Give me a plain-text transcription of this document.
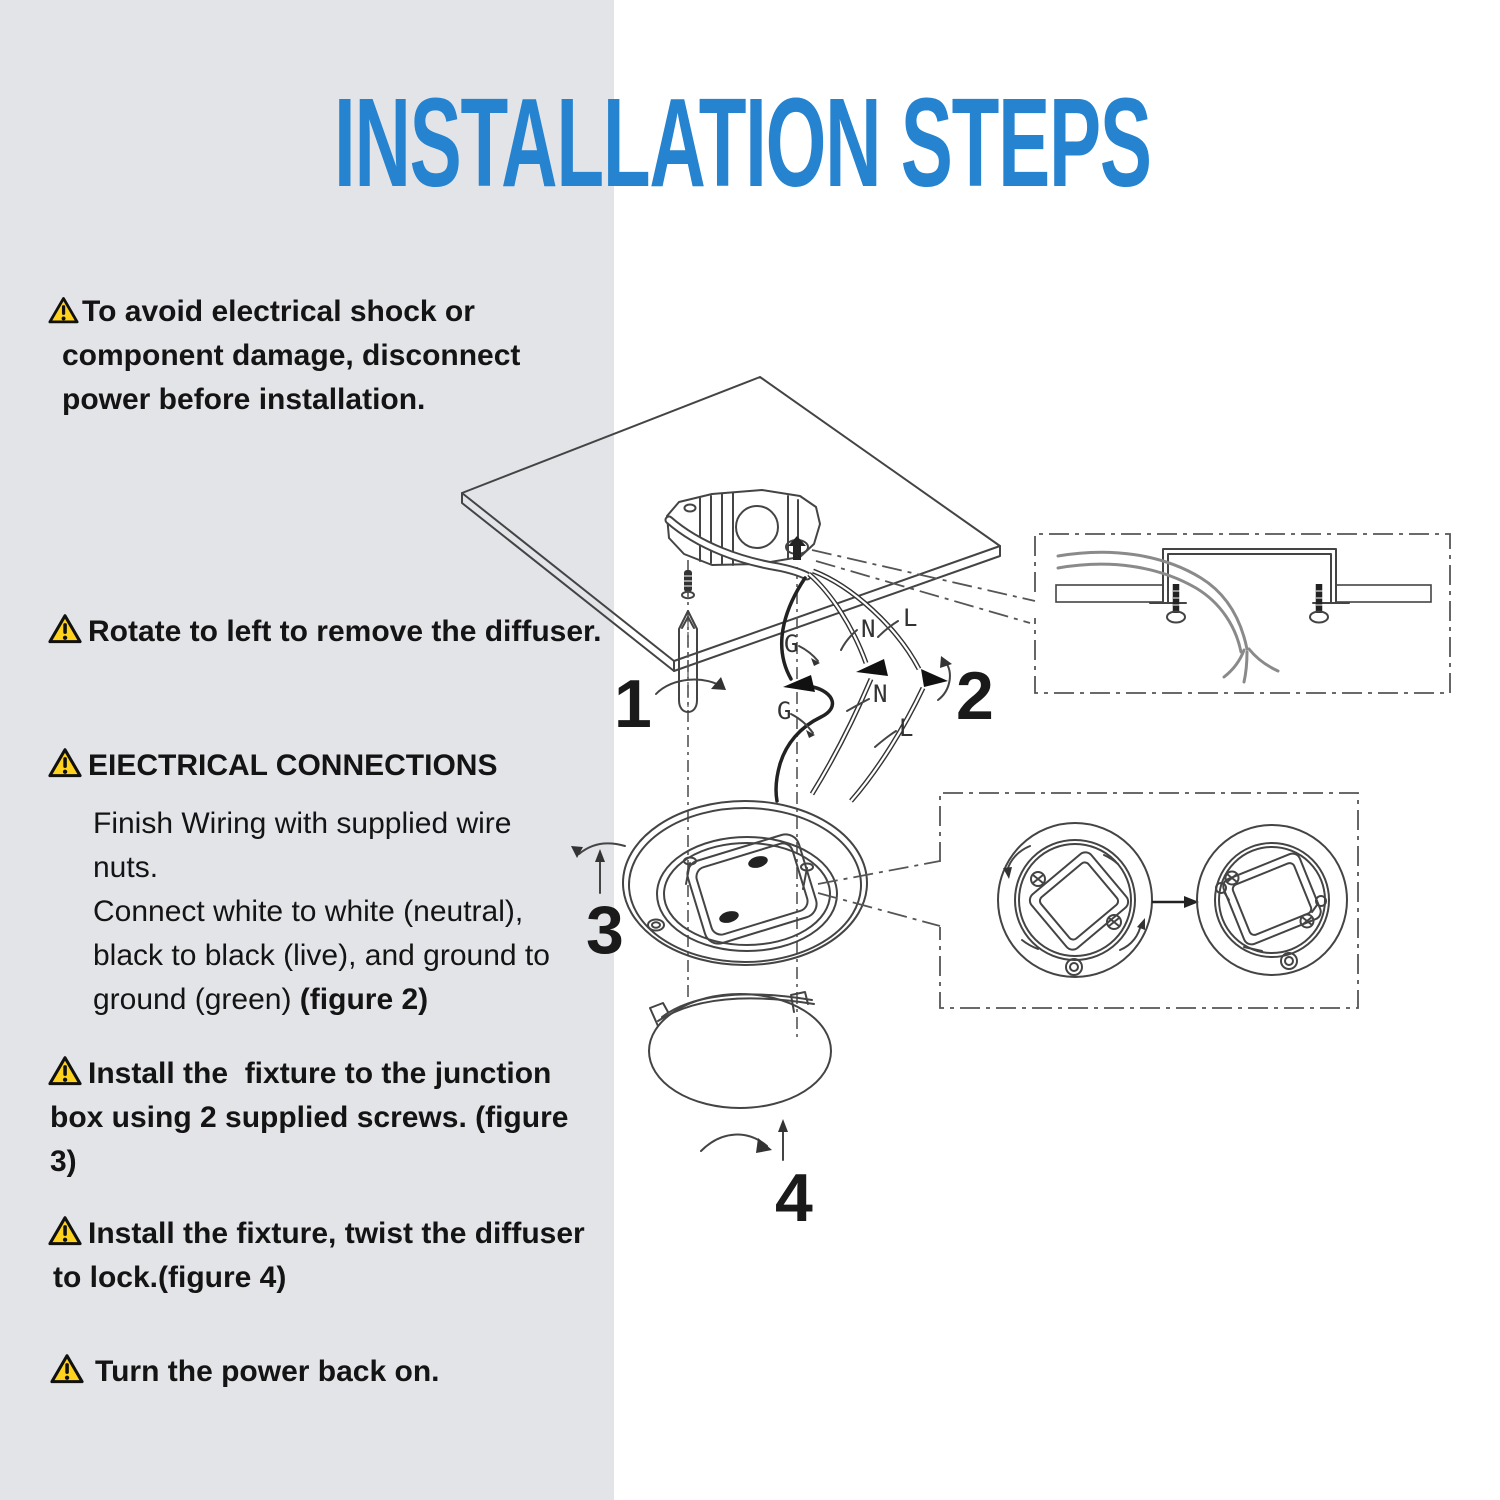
INSTALLATION STEPS
To avoid electrical shock or
component damage, disconnect
power before installation.
Rotate to left to remove the diffuser.
EIECTRICAL CONNECTIONS
Finish Wiring with supplied wire
nuts.
Connect white to white (neutral),
black to black (live), and ground to
ground (green) (figure 2)
Install the  fixture to the junction
box using 2 supplied screws. (figure
3)
Install the fixture, twist the diffuser
to lock.(figure 4)
Turn the power back on.
1
G
N L
G
N
L 2
3
4
